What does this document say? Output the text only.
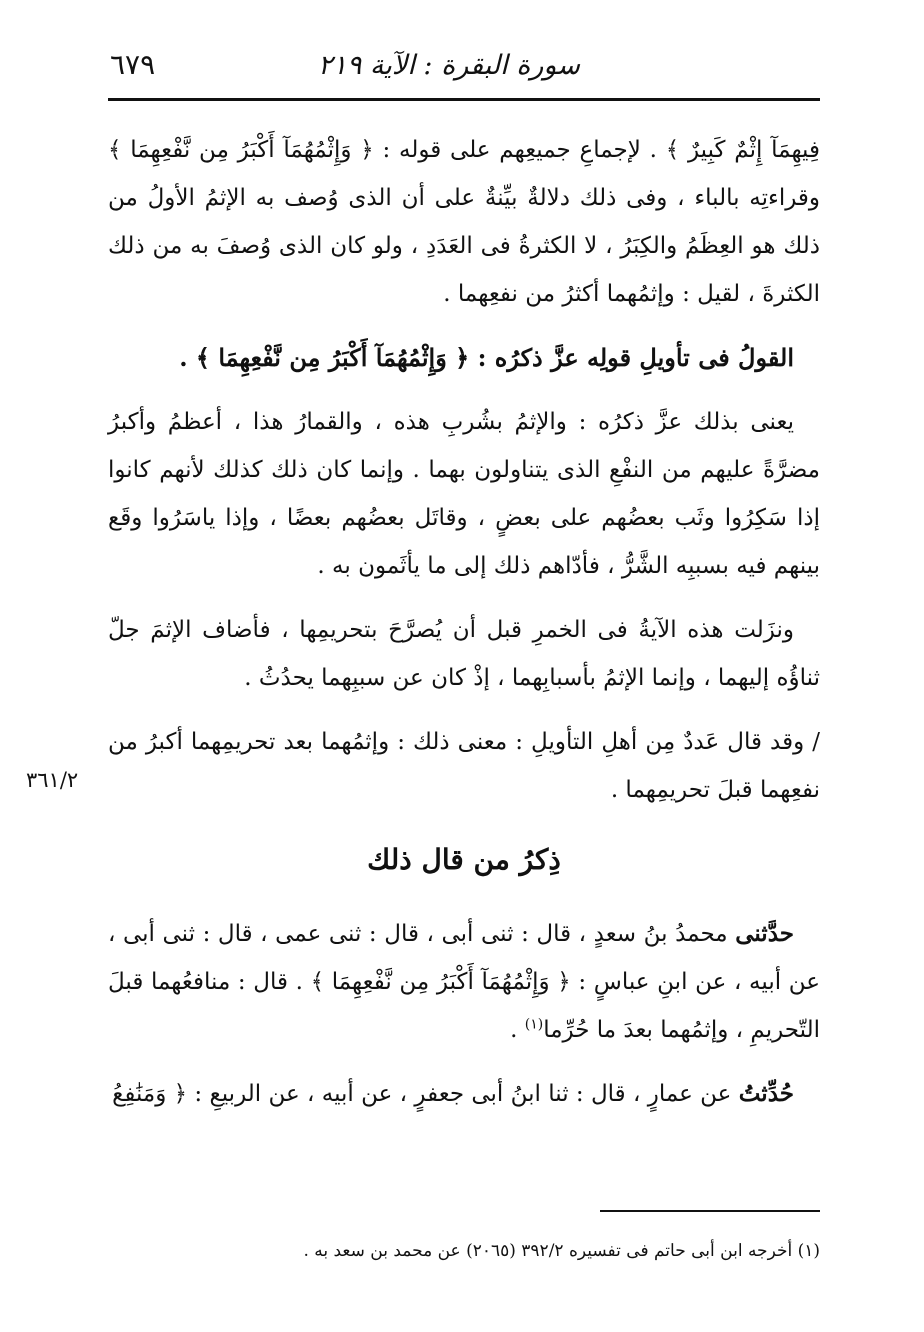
سورة البقرة : الآية ٢١٩
٦٧٩

فِيهِمَآ إِثْمٌ كَبِيرٌ ﴾ . لإجماعِ جميعِهم على قوله : ﴿ وَإِثْمُهُمَآ أَكْبَرُ مِن نَّفْعِهِمَا ﴾ وقراءتِه بالباء ، وفى ذلك دلالةٌ بيِّنةٌ على أن الذى وُصف به الإثمُ الأولُ من ذلك هو العِظَمُ والكِبَرُ ، لا الكثرةُ فى العَدَدِ ، ولو كان الذى وُصفَ به من ذلك الكثرةَ ، لقيل : وإثمُهما أكثرُ من نفعِهما .

القولُ فى تأويلِ قولِه عزَّ ذكرُه : ﴿ وَإِثْمُهُمَآ أَكْبَرُ مِن نَّفْعِهِمَا ﴾ .

يعنى بذلك عزَّ ذكرُه : والإثمُ بشُربِ هذه ، والقمارُ هذا ، أعظمُ وأكبرُ مضرَّةً عليهم من النفْعِ الذى يتناولون بهما . وإنما كان ذلك كذلك لأنهم كانوا إذا سَكِرُوا وثَب بعضُهم على بعضٍ ، وقاتَل بعضُهم بعضًا ، وإذا ياسَرُوا وقَع بينهم فيه بسببِه الشَّرُّ ، فأدّاهم ذلك إلى ما يأثَمون به .

ونزَلت هذه الآيةُ فى الخمرِ قبل أن يُصرَّحَ بتحريمِها ، فأضاف الإثمَ جلّ ثناؤُه إليهما ، وإنما الإثمُ بأسبابِهما ، إذْ كان عن سببِهما يحدُثُ .

/ وقد قال عَددٌ مِن أهلِ التأويلِ : معنى ذلك : وإثمُهما بعد تحريمِهما أكبرُ من نفعِهما قبلَ تحريمِهما .

ذِكرُ من قال ذلك

حدَّثنى محمدُ بنُ سعدٍ ، قال : ثنى أبى ، قال : ثنى عمى ، قال : ثنى أبى ، عن أبيه ، عن ابنِ عباسٍ : ﴿ وَإِثْمُهُمَآ أَكْبَرُ مِن نَّفْعِهِمَا ﴾ . قال : منافعُهما قبلَ التّحريمِ ، وإثمُهما بعدَ ما حُرِّما$^{(١)}$ .

حُدِّثتُ عن عمارٍ ، قال : ثنا ابنُ أبى جعفرٍ ، عن أبيه ، عن الربيعِ : ﴿ وَمَنَٰفِعُ

٣٦١/٢
(١) أخرجه ابن أبى حاتم فى تفسيره ٣٩٢/٢ (٢٠٦٥) عن محمد بن سعد به .
